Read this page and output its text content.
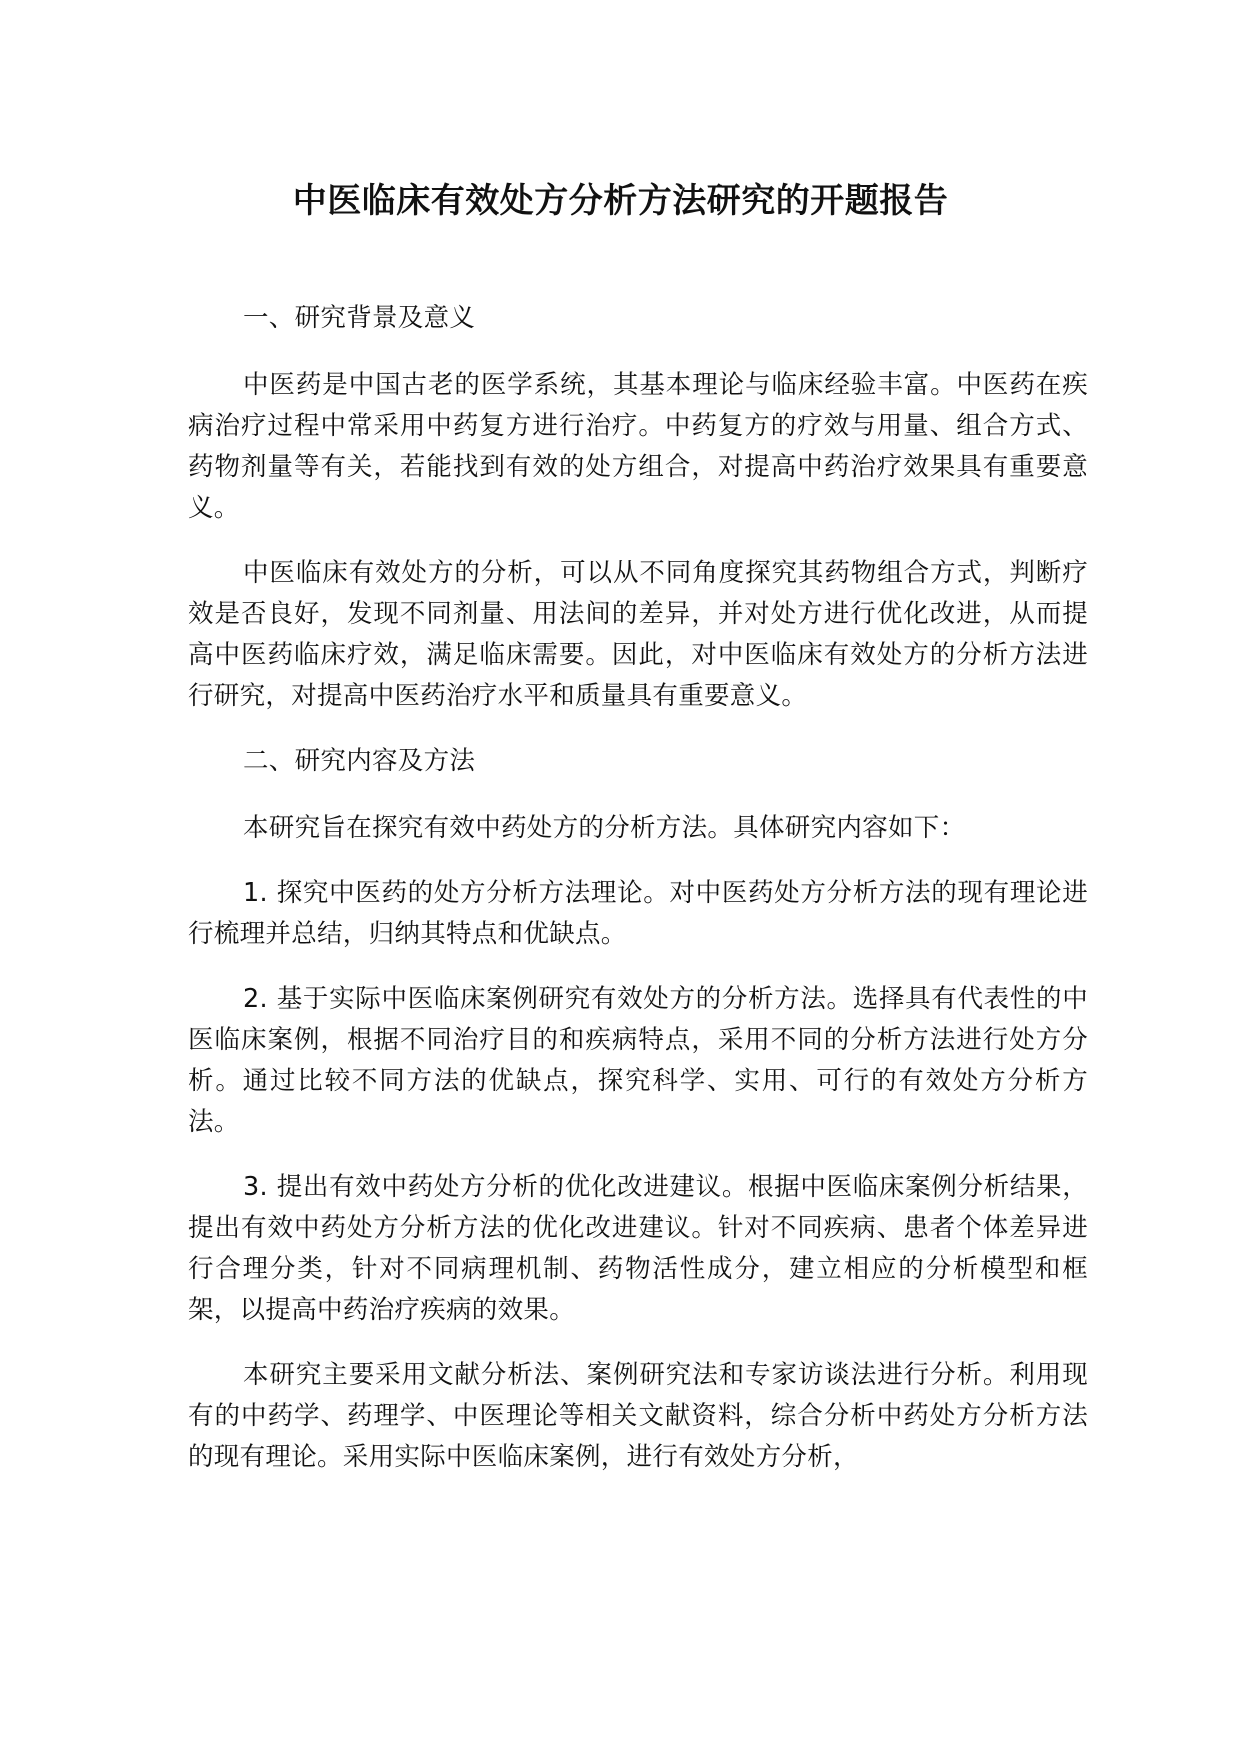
中医临床有效处方分析方法研究的开题报告

一、研究背景及意义

中医药是中国古老的医学系统，其基本理论与临床经验丰富。中医药在疾病治疗过程中常采用中药复方进行治疗。中药复方的疗效与用量、组合方式、药物剂量等有关，若能找到有效的处方组合，对提高中药治疗效果具有重要意义。

中医临床有效处方的分析，可以从不同角度探究其药物组合方式，判断疗效是否良好，发现不同剂量、用法间的差异，并对处方进行优化改进，从而提高中医药临床疗效，满足临床需要。因此，对中医临床有效处方的分析方法进行研究，对提高中医药治疗水平和质量具有重要意义。

二、研究内容及方法

本研究旨在探究有效中药处方的分析方法。具体研究内容如下：

1. 探究中医药的处方分析方法理论。对中医药处方分析方法的现有理论进行梳理并总结，归纳其特点和优缺点。

2. 基于实际中医临床案例研究有效处方的分析方法。选择具有代表性的中医临床案例，根据不同治疗目的和疾病特点，采用不同的分析方法进行处方分析。通过比较不同方法的优缺点，探究科学、实用、可行的有效处方分析方法。

3. 提出有效中药处方分析的优化改进建议。根据中医临床案例分析结果，提出有效中药处方分析方法的优化改进建议。针对不同疾病、患者个体差异进行合理分类，针对不同病理机制、药物活性成分，建立相应的分析模型和框架，以提高中药治疗疾病的效果。

本研究主要采用文献分析法、案例研究法和专家访谈法进行分析。利用现有的中药学、药理学、中医理论等相关文献资料，综合分析中药处方分析方法的现有理论。采用实际中医临床案例，进行有效处方分析，
